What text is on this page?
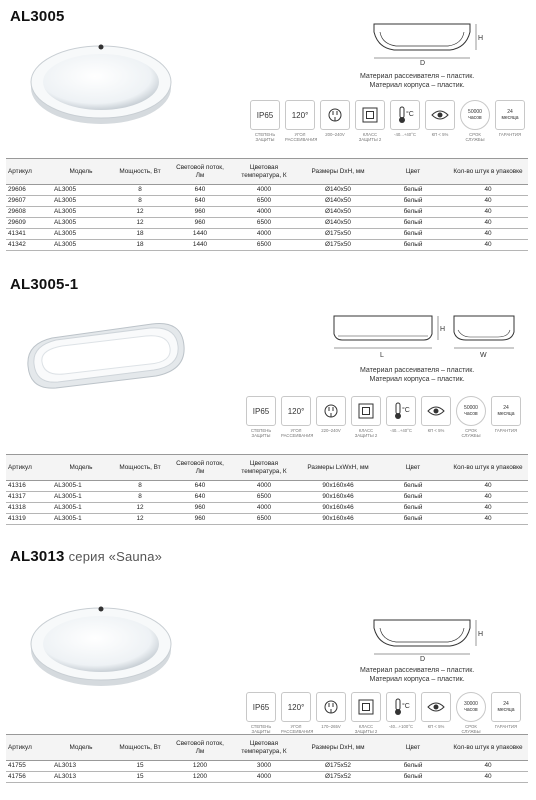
AL3005
D
H
Материал рассеивателя – пластик.
Материал корпуса – пластик.
IP65
СТЕПЕНЬ ЗАЩИТЫ
120°
УГОЛ РАССЕИВАНИЯ
200–240V	КЛАСС ЗАЩИТЫ 2
°C
-40...+40°C	КП < 5%
50000 часов
СРОК СЛУЖБЫ
24 месяца
ГАРАНТИЯ
Артикул	Модель	Мощность, Вт	Световой поток, Лм	Цветовая температура, К	Размеры DхH, мм	Цвет	Кол-во штук в упаковке
29606	AL3005	8	640	4000	Ø140х50	белый	40
29607	AL3005	8	640	6500	Ø140х50	белый	40
29608	AL3005	12	960	4000	Ø140х50	белый	40
29609	AL3005	12	960	6500	Ø140х50	белый	40
41341	AL3005	18	1440	4000	Ø175х50	белый	40
41342	AL3005	18	1440	6500	Ø175х50	белый	40
AL3005-1
L
H
W
Материал рассеивателя – пластик.
Материал корпуса – пластик.
IP65
СТЕПЕНЬ ЗАЩИТЫ
120°
УГОЛ РАССЕИВАНИЯ
220–240V	КЛАСС ЗАЩИТЫ 2
°C
-40...+40°C	КП < 5%
50000 часов
СРОК СЛУЖБЫ
24 месяца
ГАРАНТИЯ
Артикул	Модель	Мощность, Вт	Световой поток, Лм	Цветовая температура, К	Размеры LxWxH, мм	Цвет	Кол-во штук в упаковке
41316	AL3005-1	8	640	4000	90х160х46	белый	40
41317	AL3005-1	8	640	6500	90х160х46	белый	40
41318	AL3005-1	12	960	4000	90х160х46	белый	40
41319	AL3005-1	12	960	6500	90х160х46	белый	40
AL3013 серия «Sauna»
D
H
Материал рассеивателя – пластик.
Материал корпуса – пластик.
IP65
СТЕПЕНЬ ЗАЩИТЫ
120°
УГОЛ РАССЕИВАНИЯ
170–265V	КЛАСС ЗАЩИТЫ 2
°C
-40...+100°C	КП < 5%
30000 часов
СРОК СЛУЖБЫ
24 месяца
ГАРАНТИЯ
Артикул	Модель	Мощность, Вт	Световой поток, Лм	Цветовая температура, К	Размеры DхH, мм	Цвет	Кол-во штук в упаковке
41755	AL3013	15	1200	3000	Ø175х52	белый	40
41756	AL3013	15	1200	4000	Ø175х52	белый	40
